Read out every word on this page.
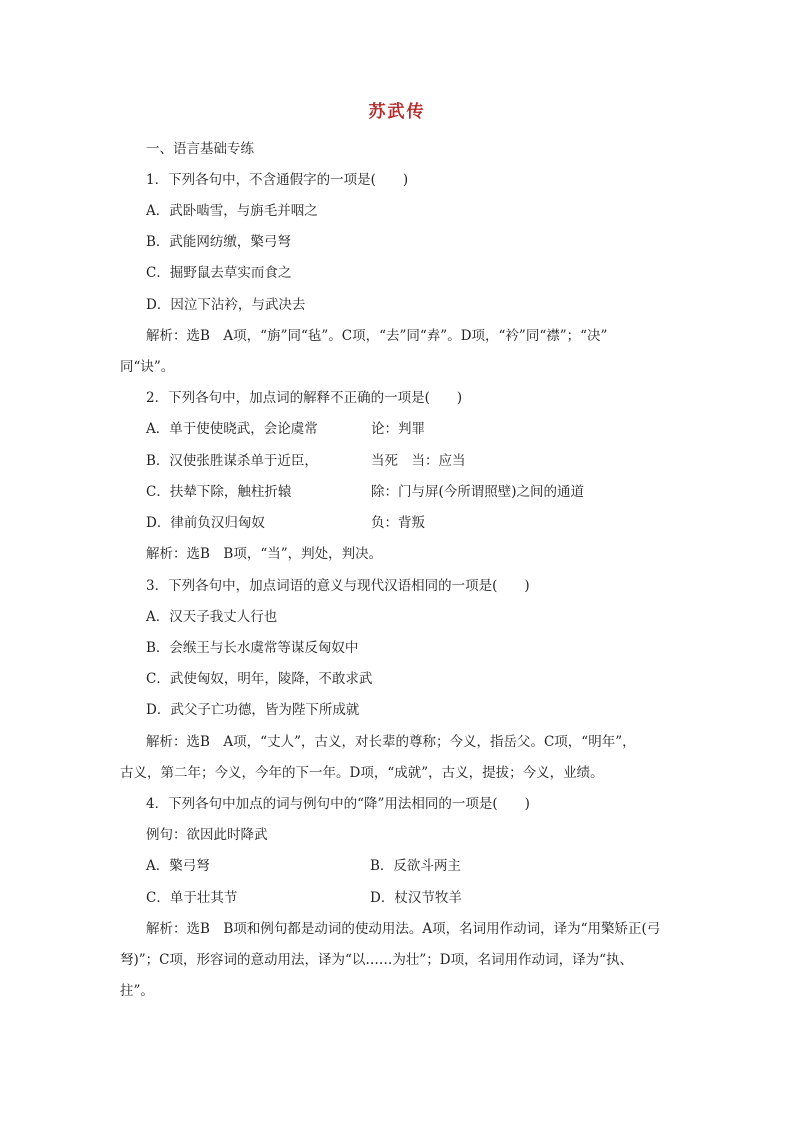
苏武传
一、语言基础专练
1．下列各句中，不含通假字的一项是(　　)
A．武卧啮雪，与旃毛并咽之
B．武能网纺缴，檠弓弩
C．掘野鼠去草实而食之
D．因泣下沾衿，与武决去
解析：选B　A项，“旃”同“毡”。C项，“去”同“弆”。D项，“衿”同“襟”；“决”
同“诀”。
2．下列各句中，加点词的解释不正确的一项是(　　)
A．单于使使晓武，会论虞常	论：判罪
B．汉使张胜谋杀单于近臣，	当死　当：应当
C．扶辇下除，触柱折辕	除：门与屏(今所谓照壁)之间的通道
D．律前负汉归匈奴	负：背叛
解析：选B　B项，“当”，判处，判决。
3．下列各句中，加点词语的意义与现代汉语相同的一项是(　　)
A．汉天子我丈人行也
B．会缑王与长水虞常等谋反匈奴中
C．武使匈奴，明年，陵降，不敢求武
D．武父子亡功德，皆为陛下所成就
解析：选B　A项，“丈人”，古义，对长辈的尊称；今义，指岳父。C项，“明年”，
古义，第二年；今义，今年的下一年。D项，“成就”，古义，提拔；今义，业绩。
4．下列各句中加点的词与例句中的“降”用法相同的一项是(　　)
例句：欲因此时降武
A．檠弓弩	B．反欲斗两主
C．单于壮其节	D．杖汉节牧羊
解析：选B　B项和例句都是动词的使动用法。A项，名词用作动词，译为“用檠矫正(弓
弩)”；C项，形容词的意动用法，译为“以……为壮”；D项，名词用作动词，译为“执、
拄”。
